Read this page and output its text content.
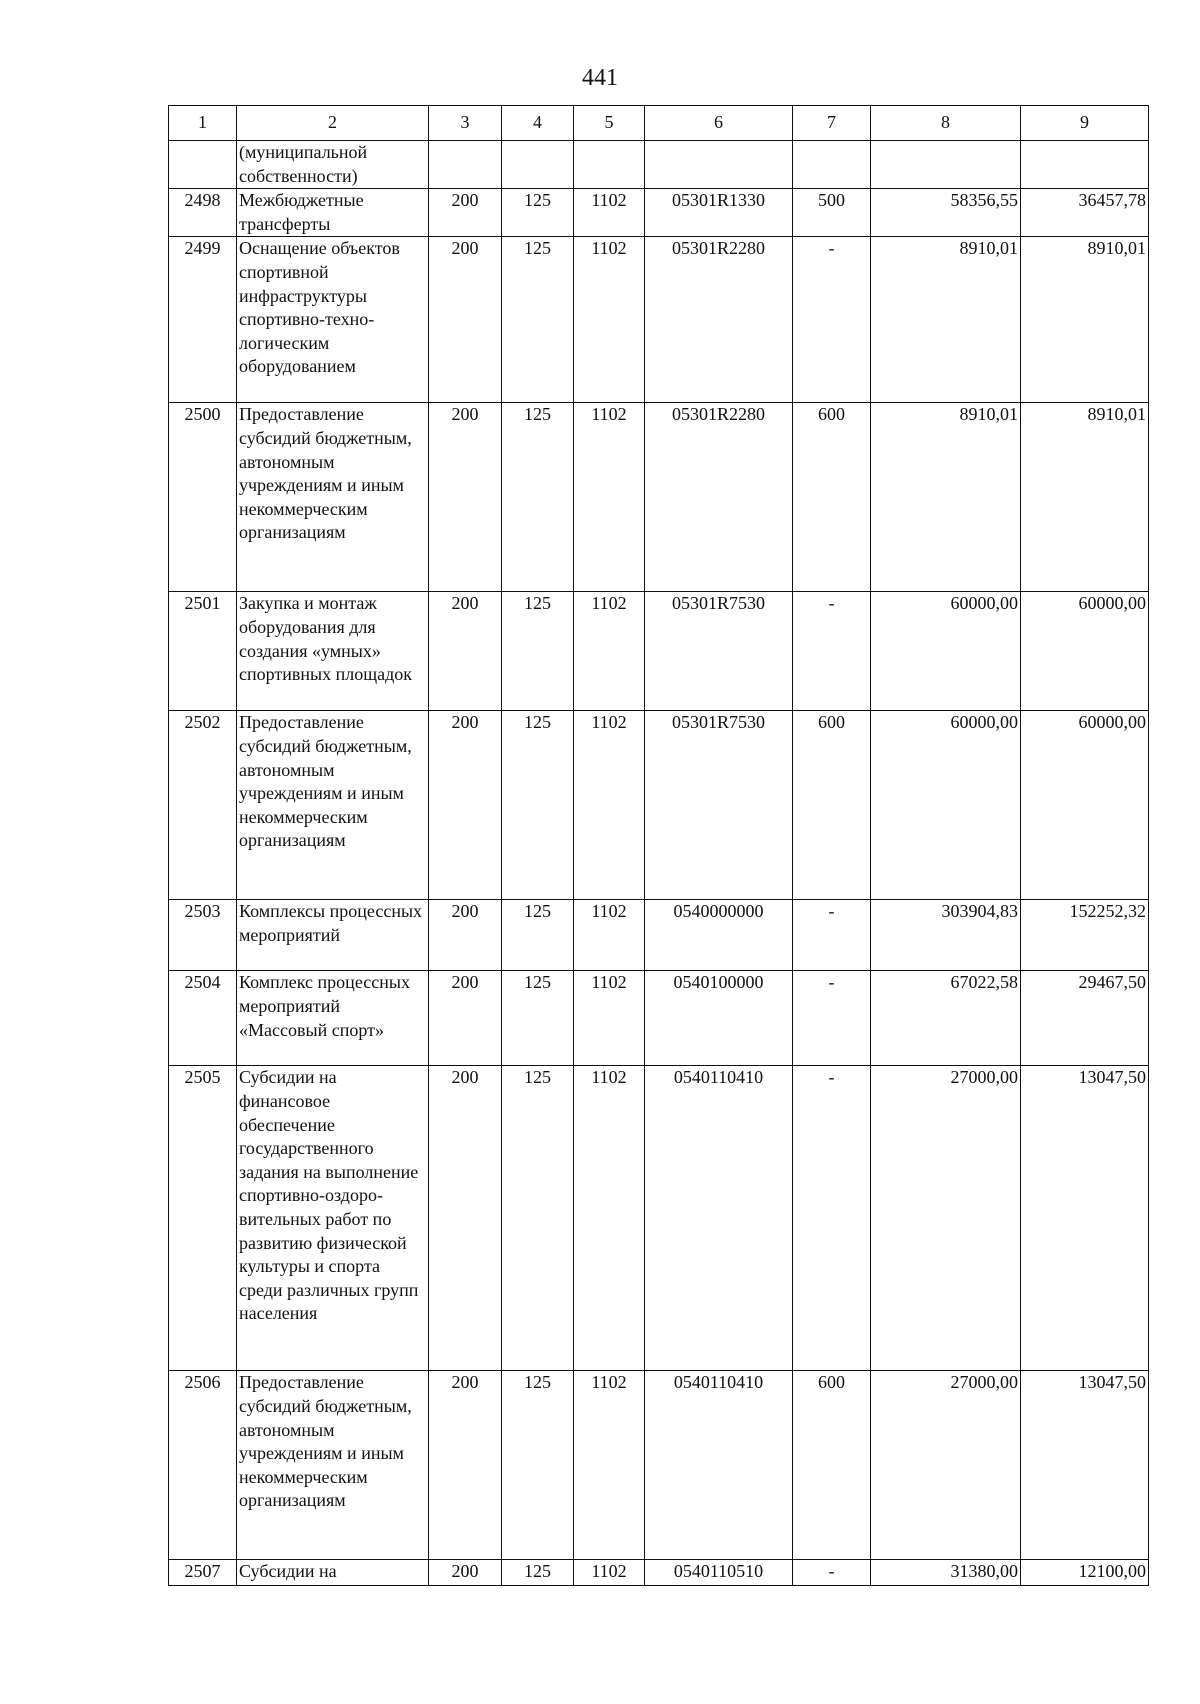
441
1	2	3	4	5	6	7	8	9
	(муниципальной собственности)							
2498	Межбюджетные трансферты	200	125	1102	05301R1330	500	58356,55	36457,78
2499	Оснащение объектов спортивной инфраструктуры спортивно-техно-логическим оборудованием	200	125	1102	05301R2280	-	8910,01	8910,01
2500	Предоставление субсидий бюджетным, автономным учреждениям и иным некоммерческим организациям	200	125	1102	05301R2280	600	8910,01	8910,01
2501	Закупка и монтаж оборудования для создания «умных» спортивных площадок	200	125	1102	05301R7530	-	60000,00	60000,00
2502	Предоставление субсидий бюджетным, автономным учреждениям и иным некоммерческим организациям	200	125	1102	05301R7530	600	60000,00	60000,00
2503	Комплексы процессных мероприятий	200	125	1102	0540000000	-	303904,83	152252,32
2504	Комплекс процессных мероприятий «Массовый спорт»	200	125	1102	0540100000	-	67022,58	29467,50
2505	Субсидии на финансовое обеспечение государственного задания на выполнение спортивно-оздоро-вительных работ по развитию физической культуры и спорта среди различных групп населения	200	125	1102	0540110410	-	27000,00	13047,50
2506	Предоставление субсидий бюджетным, автономным учреждениям и иным некоммерческим организациям	200	125	1102	0540110410	600	27000,00	13047,50
2507	Субсидии на	200	125	1102	0540110510	-	31380,00	12100,00
